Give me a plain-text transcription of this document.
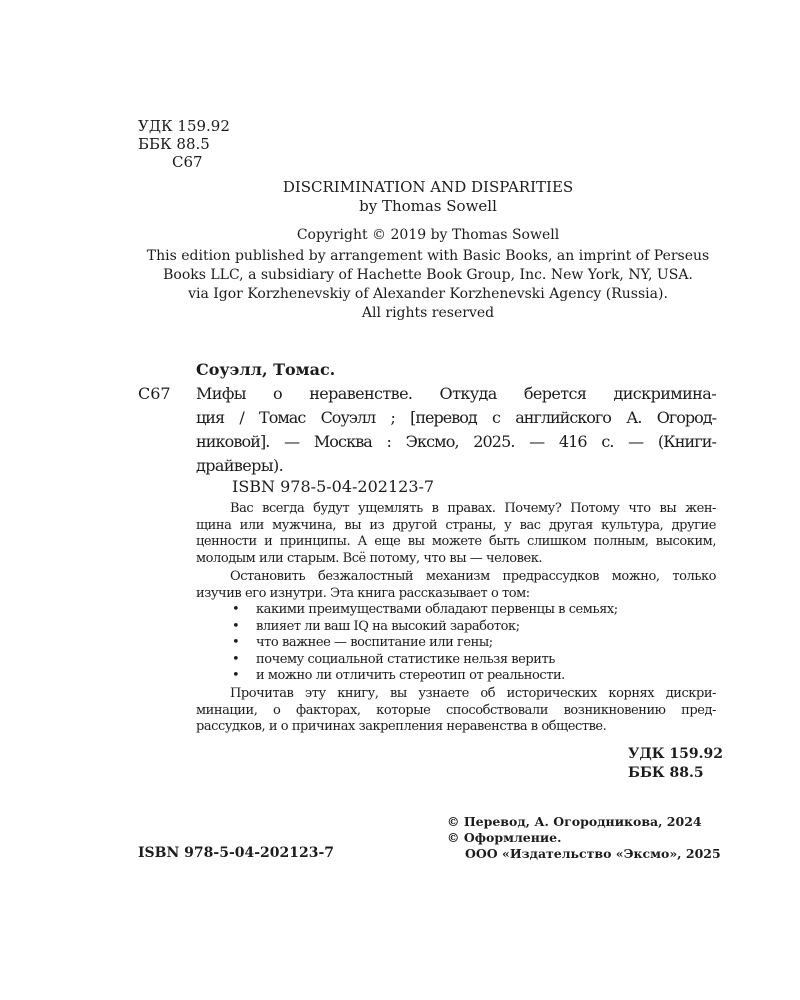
УДК 159.92
ББК 88.5
С67
DISCRIMINATION AND DISPARITIES
by Thomas Sowell
Copyright © 2019 by Thomas Sowell
This edition published by arrangement with Basic Books, an imprint of Perseus
Books LLC, a subsidiary of Hachette Book Group, Inc. New York, NY, USA.
via Igor Korzhenevskiy of Alexander Korzhenevski Agency (Russia).
All rights reserved
Соуэлл, Томас.
С67 Мифы о неравенстве. Откуда берется дискримина-
ция / Томас Соуэлл ; [перевод с английского А. Огород-
никовой]. — Москва : Эксмо, 2025. — 416 с. — (Книги-
драйверы).
ISBN 978-5-04-202123-7
Вас всегда будут ущемлять в правах. Почему? Потому что вы жен-
щина или мужчина, вы из другой страны, у вас другая культура, другие
ценности и принципы. А еще вы можете быть слишком полным, высоким,
молодым или старым. Всё потому, что вы — человек.
Остановить безжалостный механизм предрассудков можно, только
изучив его изнутри. Эта книга рассказывает о том:
• какими преимуществами обладают первенцы в семьях;
• влияет ли ваш IQ на высокий заработок;
• что важнее — воспитание или гены;
• почему социальной статистике нельзя верить
• и можно ли отличить стереотип от реальности.
Прочитав эту книгу, вы узнаете об исторических корнях дискри-
минации, о факторах, которые способствовали возникновению пред-
рассудков, и о причинах закрепления неравенства в обществе.
УДК 159.92
ББК 88.5
ISBN 978-5-04-202123-7
© Перевод, А. Огородникова, 2024
© Оформление.
ООО «Издательство «Эксмо», 2025
